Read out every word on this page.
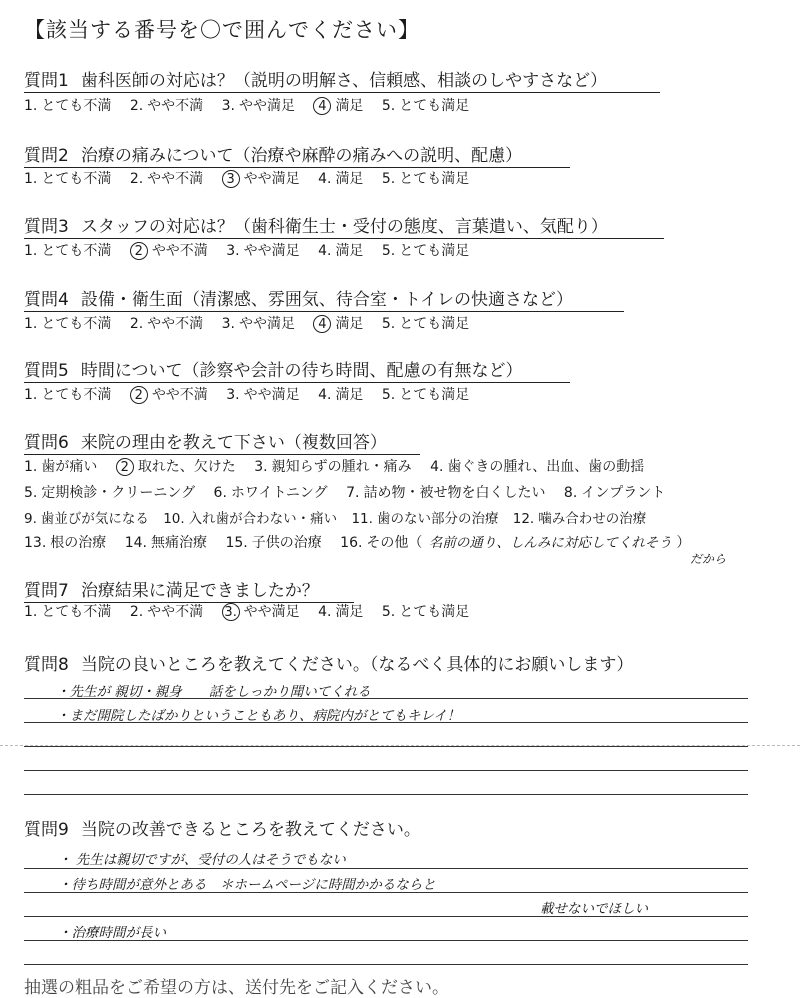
【該当する番号を〇で囲んでください】
質問1 歯科医師の対応は？（説明の明解さ、信頼感、相談のしやすさなど）
1. とても不満 2. やや不満 3. やや満足 4 満足 5. とても満足
質問2 治療の痛みについて（治療や麻酔の痛みへの説明、配慮）
1. とても不満 2. やや不満 3 やや満足 4. 満足 5. とても満足
質問3 スタッフの対応は？（歯科衛生士・受付の態度、言葉遣い、気配り）
1. とても不満 2 やや不満 3. やや満足 4. 満足 5. とても満足
質問4 設備・衛生面（清潔感、雰囲気、待合室・トイレの快適さなど）
1. とても不満 2. やや不満 3. やや満足 4 満足 5. とても満足
質問5 時間について（診察や会計の待ち時間、配慮の有無など）
1. とても不満 2 やや不満 3. やや満足 4. 満足 5. とても満足
質問6 来院の理由を教えて下さい（複数回答）
1. 歯が痛い 2 取れた、欠けた 3. 親知らずの腫れ・痛み 4. 歯ぐきの腫れ、出血、歯の動揺
5. 定期検診・クリーニング 6. ホワイトニング 7. 詰め物・被せ物を白くしたい 8. インプラント
9. 歯並びが気になる 10. 入れ歯が合わない・痛い 11. 歯のない部分の治療 12. 噛み合わせの治療
13. 根の治療 14. 無痛治療 15. 子供の治療 16. その他（ 名前の通り、しんみに対応してくれそう ）
だから
質問7 治療結果に満足できましたか？
1. とても不満 2. やや不満 3. やや満足 4. 満足 5. とても満足
質問8 当院の良いところを教えてください。（なるべく具体的にお願いします）
・先生が 親切・親身　　話をしっかり聞いてくれる
・まだ開院したばかりということもあり、病院内がとてもキレイ！
質問9 当院の改善できるところを教えてください。
・ 先生は親切ですが、受付の人はそうでもない
・待ち時間が意外とある　＊ホームページに時間かかるならと
載せないでほしい
・治療時間が長い
抽選の粗品をご希望の方は、送付先をご記入ください。
